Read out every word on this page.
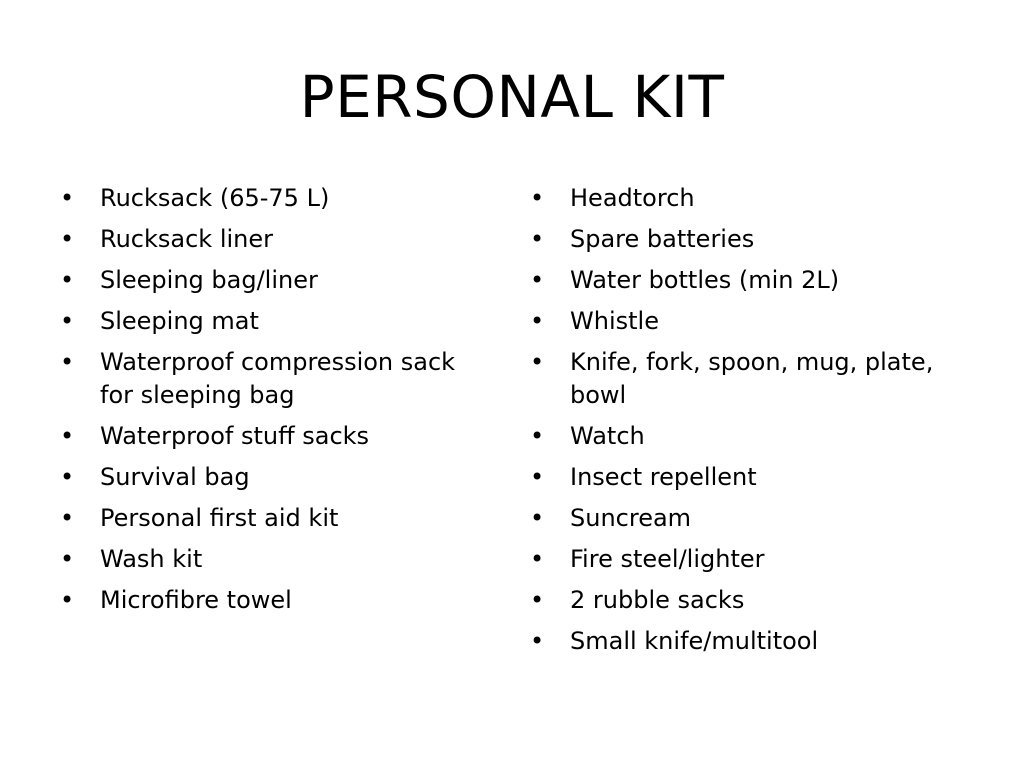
PERSONAL KIT
• Rucksack (65-75 L)
• Rucksack liner
• Sleeping bag/liner
• Sleeping mat
• Waterproof compression sack for sleeping bag
• Waterproof stuff sacks
• Survival bag
• Personal first aid kit
• Wash kit
• Microfibre towel
• Headtorch
• Spare batteries
• Water bottles (min 2L)
• Whistle
• Knife, fork, spoon, mug, plate, bowl
• Watch
• Insect repellent
• Suncream
• Fire steel/lighter
• 2 rubble sacks
• Small knife/multitool
